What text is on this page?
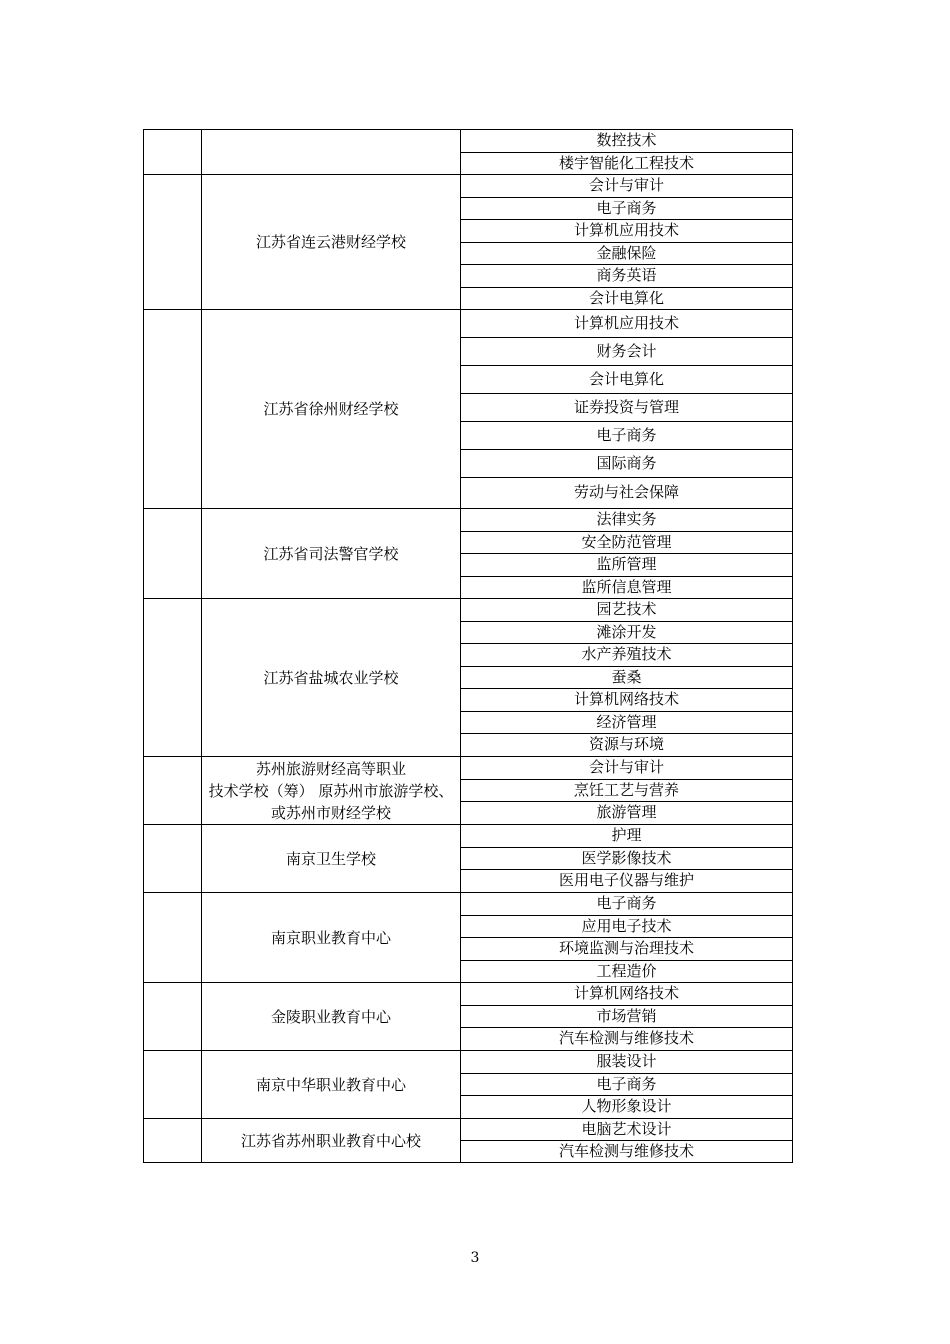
		数控技术
		楼宇智能化工程技术
	江苏省连云港财经学校	会计与审计
		电子商务
		计算机应用技术
		金融保险
		商务英语
		会计电算化
	江苏省徐州财经学校	计算机应用技术
		财务会计
		会计电算化
		证券投资与管理
		电子商务
		国际商务
		劳动与社会保障
	江苏省司法警官学校	法律实务
		安全防范管理
		监所管理
		监所信息管理
	江苏省盐城农业学校	园艺技术
		滩涂开发
		水产养殖技术
		蚕桑
		计算机网络技术
		经济管理
		资源与环境

	苏州旅游财经高等职业
技术学校（筹） 原苏州市旅游学校、
或苏州市财经学校	会计与审计
		烹饪工艺与营养
		旅游管理
	南京卫生学校	护理
		医学影像技术
		医用电子仪器与维护
	南京职业教育中心	电子商务
		应用电子技术
		环境监测与治理技术
		工程造价
	金陵职业教育中心	计算机网络技术
		市场营销
		汽车检测与维修技术
	南京中华职业教育中心	服装设计
		电子商务
		人物形象设计
	江苏省苏州职业教育中心校	电脑艺术设计
		汽车检测与维修技术
3
